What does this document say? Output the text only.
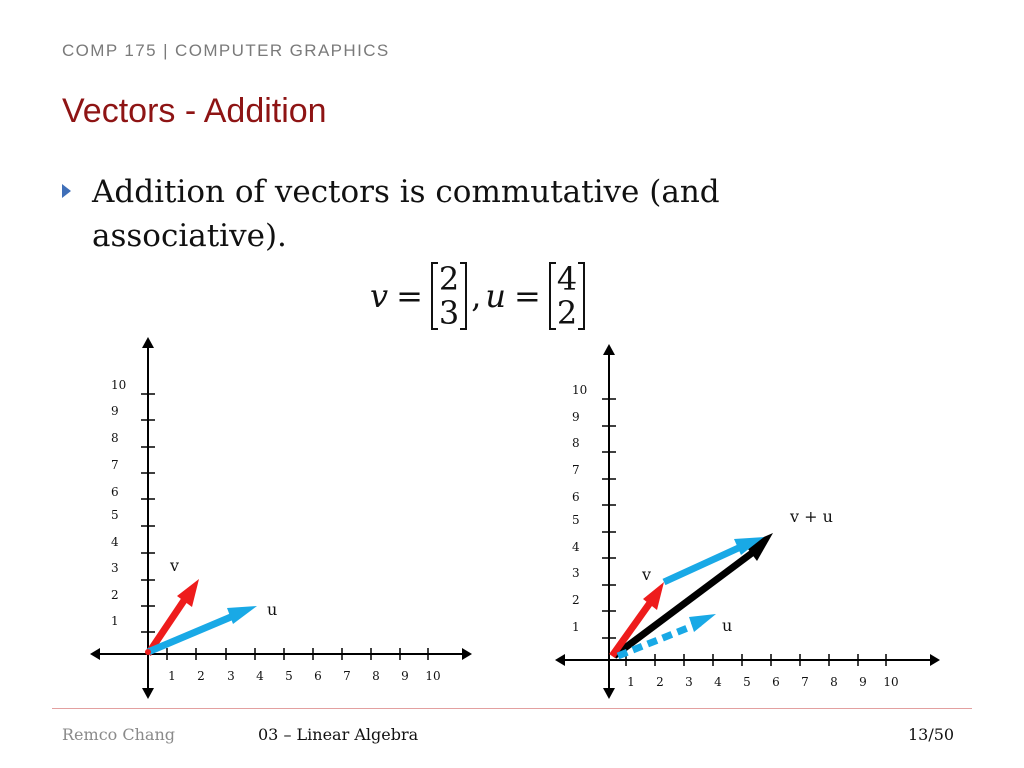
COMP 175 | COMPUTER GRAPHICS
Vectors - Addition
Addition of vectors is commutative (and associative).
v = 2
3 , u = 4
2
1
2
3
4
5
6
7
8
9
10
1 2 3 4 5 6 7 8 9 10
v
u
1
2
3
4
5
6
7
8
9
10
1 2 3 4 5 6 7 8 9 10
v
u
v + u
Remco Chang	03 – Linear Algebra	13/50
